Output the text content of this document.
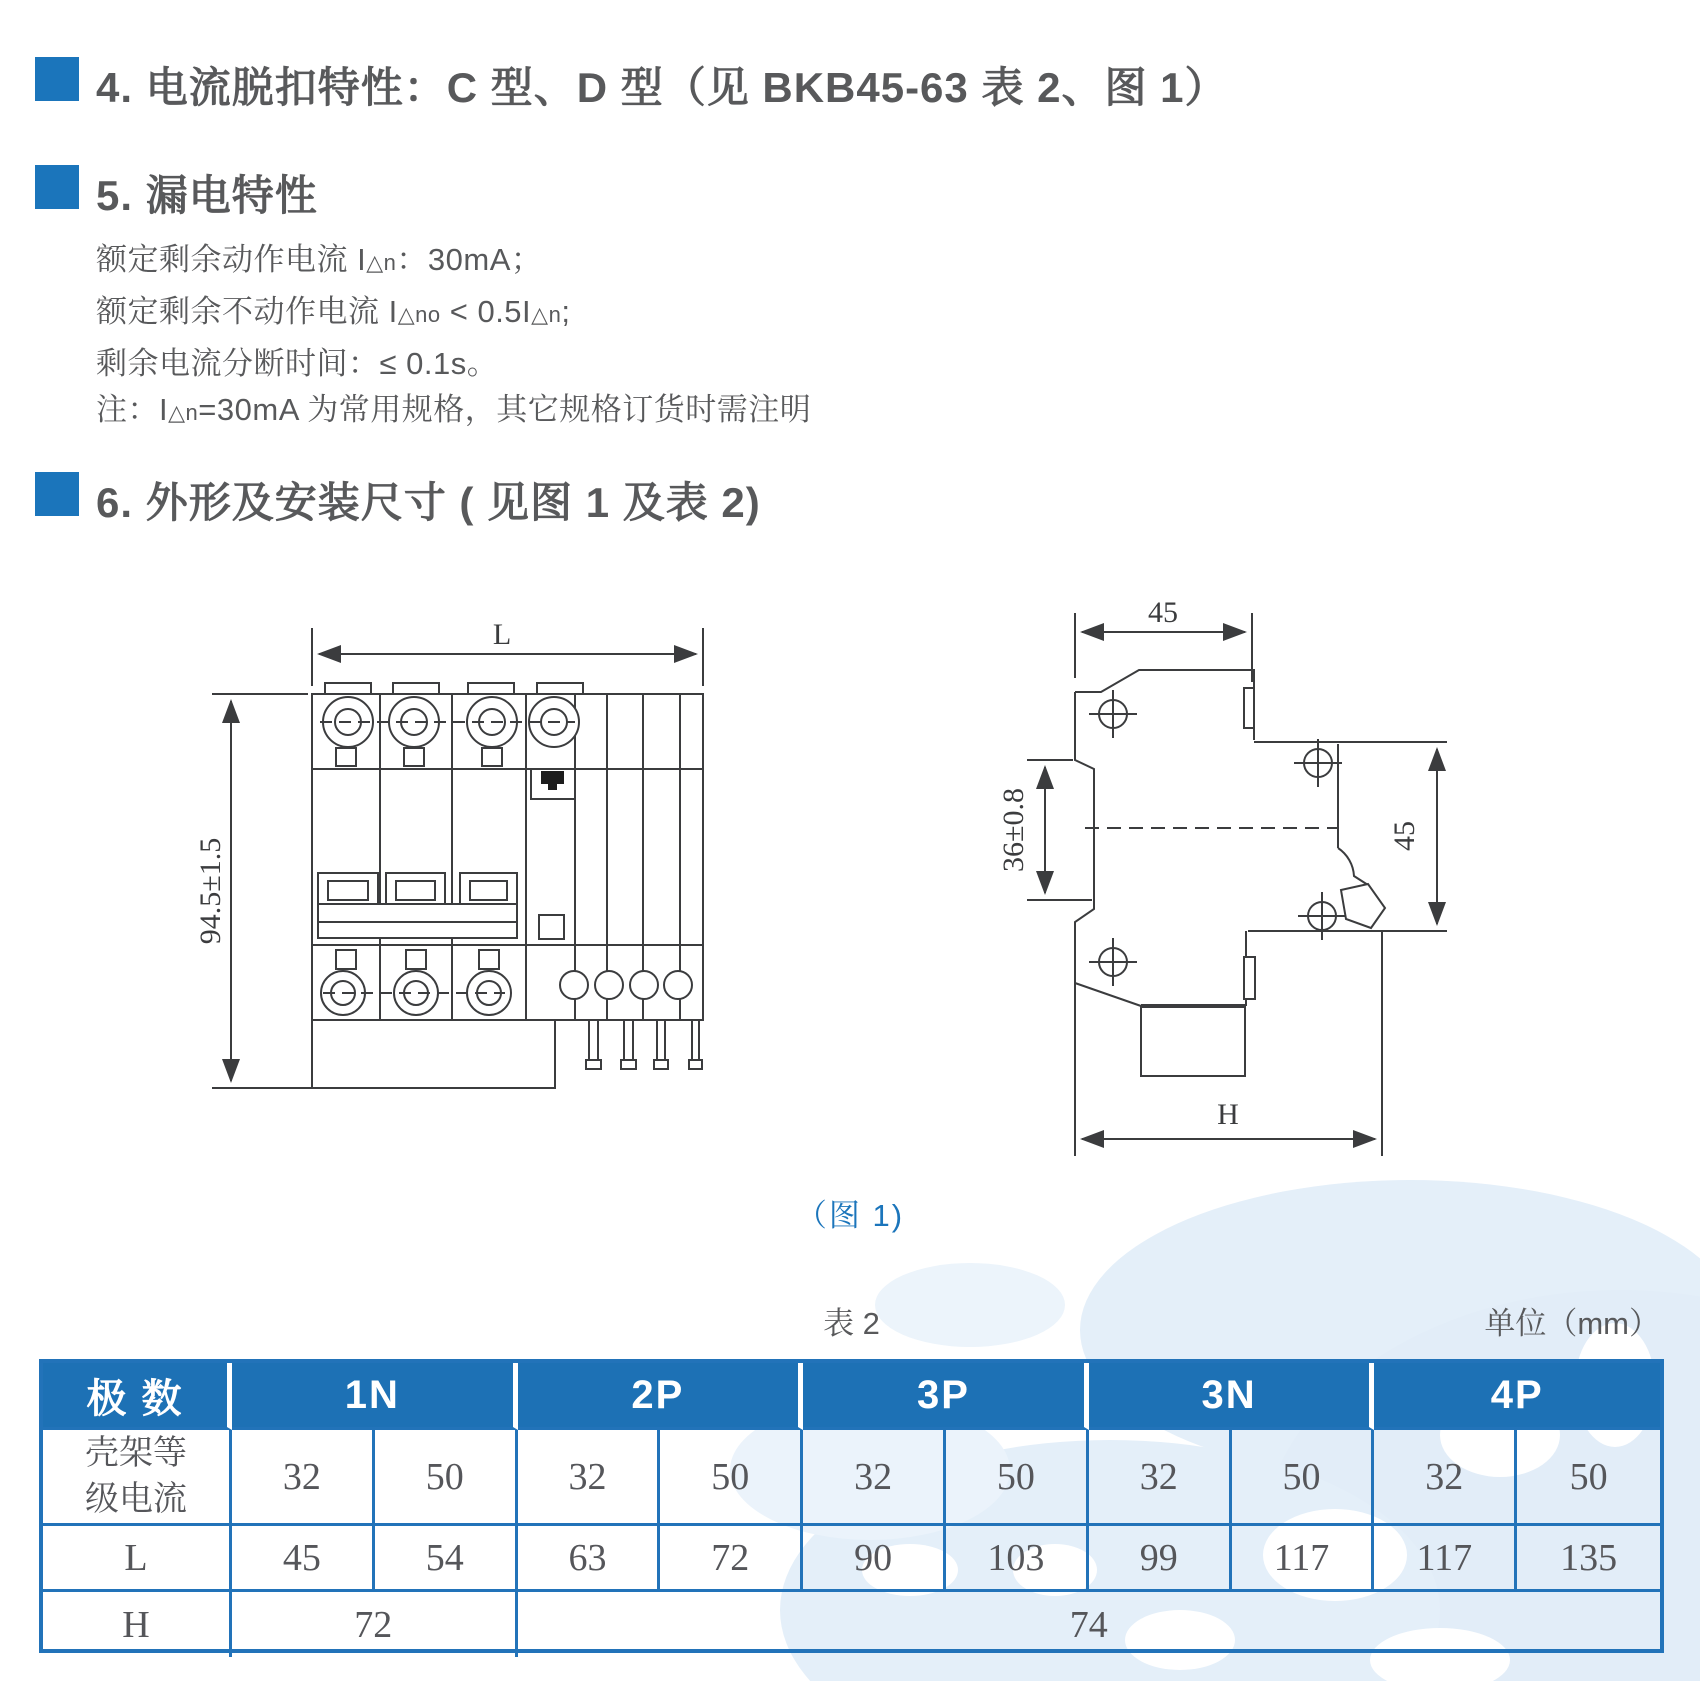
4. 电流脱扣特性：C 型、D 型（见 BKB45-63 表 2、图 1）
5. 漏电特性
额定剩余动作电流 I△n：30mA；
额定剩余不动作电流 I△no < 0.5I△n;
剩余电流分断时间：≤ 0.1s。
注：I△n=30mA 为常用规格，其它规格订货时需注明
6. 外形及安装尺寸 ( 见图 1 及表 2)
L
94.5±1.5
45
36±0.8	45
H
（图 1)
表 2	单位（mm）
极 数	1N	2P	3P	3N	4P
壳架等
级电流
32	50	32	50	32	50	32	50	32	50
L	45	54	63	72	90	103	99	117	117	135
H	72	74
